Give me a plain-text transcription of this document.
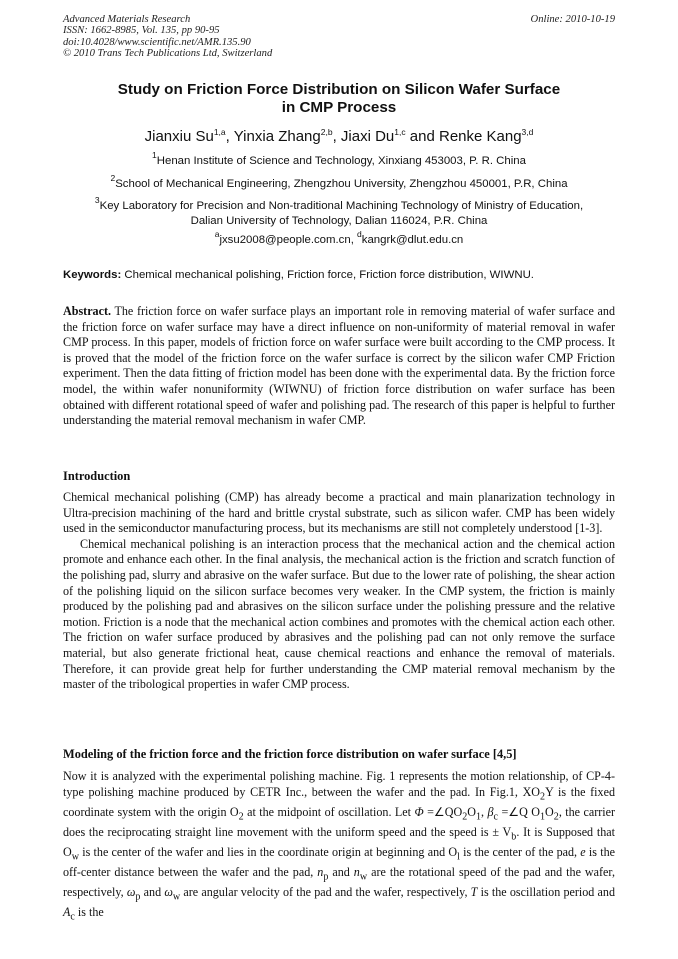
Advanced Materials Research
ISSN: 1662-8985, Vol. 135, pp 90-95
doi:10.4028/www.scientific.net/AMR.135.90
© 2010 Trans Tech Publications Ltd, Switzerland
Online: 2010-10-19
Study on Friction Force Distribution on Silicon Wafer Surface
in CMP Process
Jianxiu Su$^{1,a}$, Yinxia Zhang$^{2,b}$, Jiaxi Du$^{1,c}$ and Renke Kang$^{3,d}$
$^1$Henan Institute of Science and Technology, Xinxiang 453003, P. R. China
$^2$School of Mechanical Engineering, Zhengzhou University, Zhengzhou 450001, P.R, China
$^3$Key Laboratory for Precision and Non-traditional Machining Technology of Ministry of Education,
Dalian University of Technology, Dalian 116024, P.R. China
$^a$jxsu2008@people.com.cn, $^d$kangrk@dlut.edu.cn
Keywords: Chemical mechanical polishing, Friction force, Friction force distribution, WIWNU.
Abstract. The friction force on wafer surface plays an important role in removing material of wafer surface and the friction force on wafer surface may have a direct influence on non-uniformity of material removal in wafer CMP process. In this paper, models of friction force on wafer surface were built according to the CMP process. It is proved that the model of the friction force on the wafer surface is correct by the silicon wafer CMP Friction experiment. Then the data fitting of friction model has been done with the experimental data. By the friction force model, the within wafer nonuniformity (WIWNU) of friction force distribution on wafer surface has been obtained with different rotational speed of wafer and polishing pad. The research of this paper is helpful to further understanding the material removal mechanism in wafer CMP.
Introduction

Chemical mechanical polishing (CMP) has already become a practical and main planarization technology in Ultra-precision machining of the hard and brittle crystal substrate, such as silicon wafer. CMP has been widely used in the semiconductor manufacturing process, but its mechanisms are still not completely understood [1-3].

Chemical mechanical polishing is an interaction process that the mechanical action and the chemical action promote and enhance each other. In the final analysis, the mechanical action is the friction and scratch function of the polishing pad, slurry and abrasive on the wafer surface. But due to the lower rate of polishing, the shear action of the polishing liquid on the silicon surface becomes very weaker. In the CMP system, the friction is mainly produced by the polishing pad and abrasives on the silicon surface under the polishing pressure and the relative motion. Friction is a node that the mechanical action combines and promotes with the chemical action each other. The friction on wafer surface produced by abrasives and the polishing pad can not only remove the surface material, but also generate frictional heat, cause chemical reactions and enhance the removal of materials. Therefore, it can provide great help for further understanding the CMP material removal mechanism by the master of the tribological properties in wafer CMP process.

Modeling of the friction force and the friction force distribution on wafer surface [4,5]
Now it is analyzed with the experimental polishing machine. Fig. 1 represents the motion relationship, of CP-4-type polishing machine produced by CETR Inc., between the wafer and the pad. In Fig.1, $XO_2Y$ is the fixed coordinate system with the origin $O_2$ at the midpoint of oscillation. Let $\Phi =\angle QO_2O_1$, $\beta_c$ =∠Q $O_1O_2$, the carrier does the reciprocating straight line movement with the uniform speed and the speed is ± $V_b$. It is Supposed that $O_w$ is the center of the wafer and lies in the coordinate origin at beginning and $O_l$ is the center of the pad, e is the off-center distance between the wafer and the pad, $n_p$ and $n_w$ are the rotational speed of the pad and the wafer, respectively, $\omega_p$ and $\omega_w$ are angular velocity of the pad and the wafer, respectively, T is the oscillation period and $A_c$ is the
